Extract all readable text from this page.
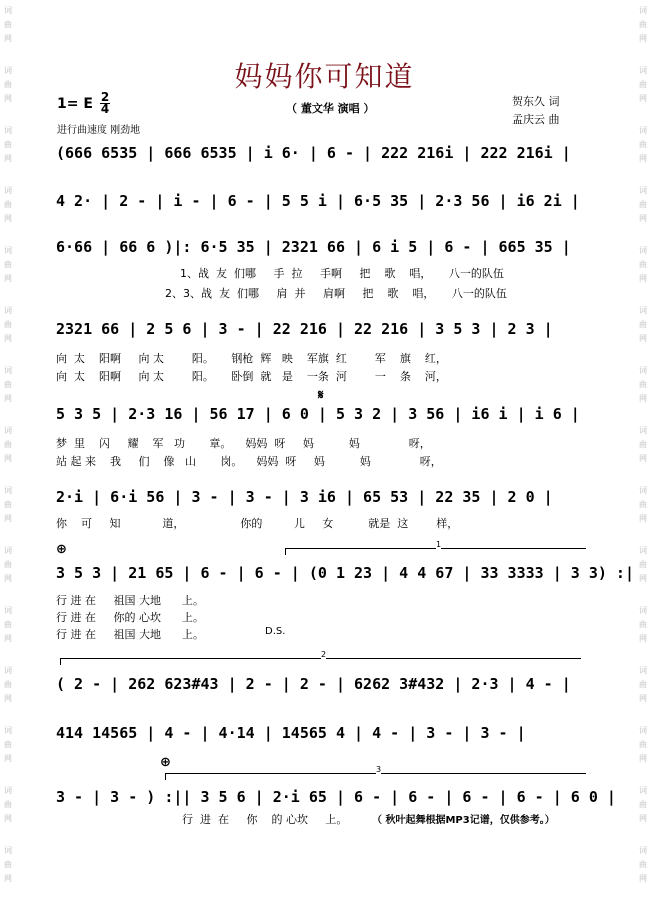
词
曲
网
词
曲
网
词
曲
网
词
曲
网
词
曲
网
词
曲
网
词
曲
网
词
曲
网
词
曲
网
词
曲
网
词
曲
网
词
曲
网
词
曲
网
词
曲
网
词
曲
网
词
曲
网
词
曲
网
词
曲
网
词
曲
网
词
曲
网
词
曲
网
词
曲
网
词
曲
网
词
曲
网
词
曲
网
词
曲
网
词
曲
网
词
曲
网
词
曲
网
词
曲
网
妈妈你可知道
1= E 2
4	（ 董文华 演唱 ）
贺东久 词
孟庆云 曲
进行曲速度 刚劲地
(666 6535 | 666 6535 | i 6· | 6 - | 222 216i | 222 216i |
4 2· | 2 - | i - | 6 - | 5 5 i | 6·5 35 | 2·3 56 | i6 2i |
6·66 | 66 6 )|: 6·5 35 | 2321 66 | 6 i 5 | 6 - | 665 35 |
1、战  友  们哪     手  拉     手啊     把    歌    唱，     八一的队伍
2、3、战  友  们哪     肩  并     肩啊     把    歌    唱，     八一的队伍
2321 66 | 2 5 6 | 3 - | 22 216 | 22 216 | 3 5 3 | 2 3 |
向  太    阳啊     向 太        阳。     钢枪  辉   映    军旗  红        军    旗    红，
向  太    阳啊     向 太        阳。     卧倒  就   是    一条  河        一    条    河，
𝄋
5 3 5 | 2·3 16 | 56 17 | 6 0 | 5 3 2 | 3 56 | i6 i | i 6 |
梦  里    闪     耀    军   功       章。    妈妈  呀     妈          妈              呀，
站 起 来    我     们    像   山       岗。    妈妈  呀     妈          妈              呀，
2·i | 6·i 56 | 3 - | 3 - | 3 i6 | 65 53 | 22 35 | 2 0 |
你    可     知            道，                你的         儿     女          就是  这        样，
⊕	1
3 5 3 | 21 65 | 6 - | 6 - | (0 1 23 | 4 4 67 | 33 3333 | 3 3) :|
行 进 在     祖国 大地      上。
行 进 在     你的 心坎      上。
行 进 在     祖国 大地      上。	D.S.
2
( 2 - | 262 623#43 | 2 - | 2 - | 6262 3#432 | 2·3 | 4 - |
414 14565 | 4 - | 4·14 | 14565 4 | 4 - | 3 - | 3 - |
⊕	3
3 - | 3 - ) :|| 3 5 6 | 2·i 65 | 6 - | 6 - | 6 - | 6 - | 6 0 |
行  进  在     你    的 心坎     上。 （ 秋叶起舞根据MP3记谱，仅供参考。）
